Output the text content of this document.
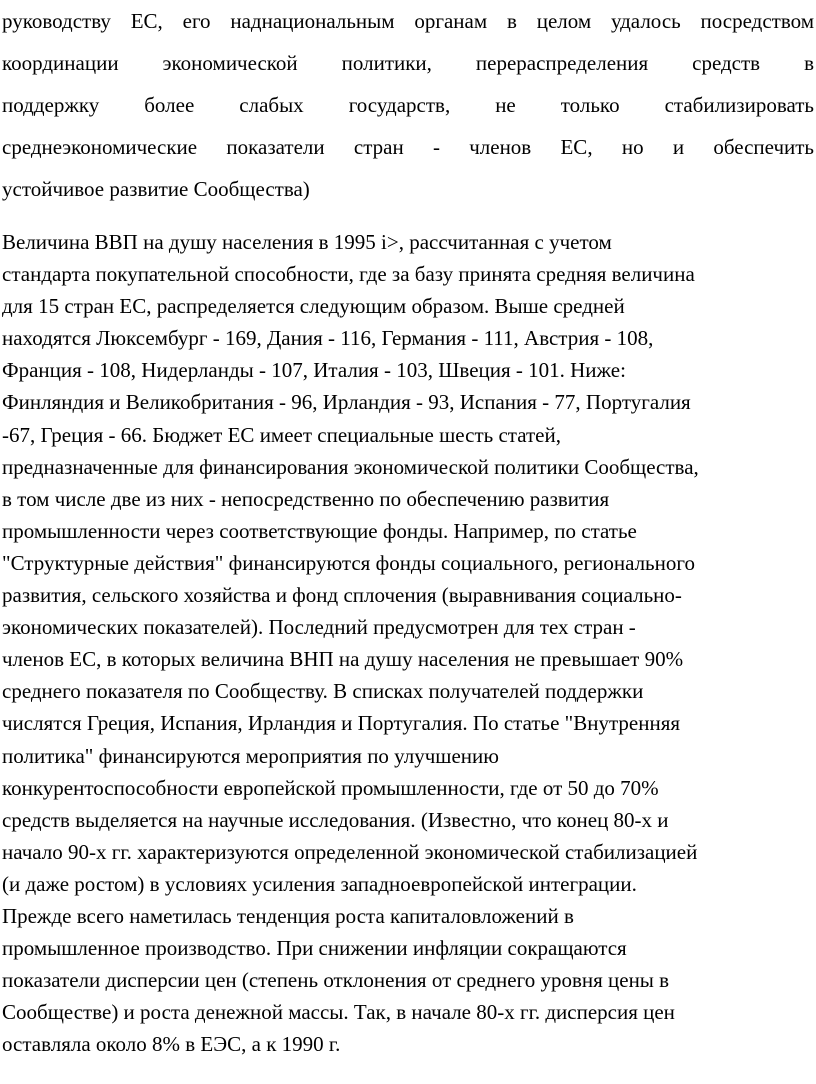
руководству ЕС, его наднациональным органам в целом удалось посредством
координации экономической политики, перераспределения средств в
поддержку более слабых государств, не только стабилизировать
среднеэкономические показатели стран - членов ЕС, но и обеспечить
устойчивое развитие Сообщества)

Величина ВВП на душу населения в 1995 i>, рассчитанная с учетом
стандарта покупательной способности, где за базу принята средняя величина
для 15 стран ЕС, распределяется следующим образом. Выше средней
находятся Люксембург - 169, Дания - 116, Германия - 111, Австрия - 108,
Франция - 108, Нидерланды - 107, Италия - 103, Швеция - 101. Ниже:
Финляндия и Великобритания - 96, Ирландия - 93, Испания - 77, Португалия
-67, Греция - 66. Бюджет ЕС имеет специальные шесть статей,
предназначенные для финансирования экономической политики Сообщества,
в том числе две из них - непосредственно по обеспечению развития
промышленности через соответствующие фонды. Например, по статье
"Структурные действия" финансируются фонды социального, регионального
развития, сельского хозяйства и фонд сплочения (выравнивания социально-
экономических показателей). Последний предусмотрен для тех стран -
членов ЕС, в которых величина ВНП на душу населения не превышает 90%
среднего показателя по Сообществу. В списках получателей поддержки
числятся Греция, Испания, Ирландия и Португалия. По статье "Внутренняя
политика" финансируются мероприятия по улучшению
конкурентоспособности европейской промышленности, где от 50 до 70%
средств выделяется на научные исследования. (Известно, что конец 80-х и
начало 90-х гг. характеризуются определенной экономической стабилизацией
(и даже ростом) в условиях усиления западноевропейской интеграции.
Прежде всего наметилась тенденция роста капиталовложений в
промышленное производство. При снижении инфляции сокращаются
показатели дисперсии цен (степень отклонения от среднего уровня цены в
Сообществе) и роста денежной массы. Так, в начале 80-х гг. дисперсия цен
оставляла около 8% в ЕЭС, а к 1990 г.
